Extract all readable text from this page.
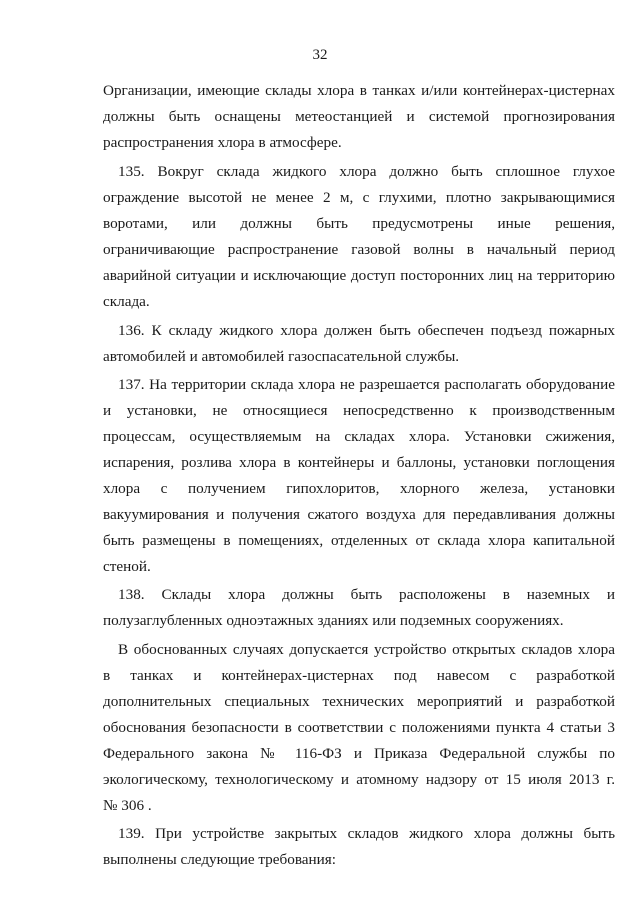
32
Организации, имеющие склады хлора в танках и/или контейнерах-цистернах
должны быть оснащены метеостанцией и системой прогнозирования
распространения хлора в атмосфере.
135. Вокруг склада жидкого хлора должно быть сплошное глухое
ограждение высотой не менее 2 м, с глухими, плотно закрывающимися
воротами, или должны быть предусмотрены иные решения,
ограничивающие распространение газовой волны в начальный период
аварийной ситуации и исключающие доступ посторонних лиц на территорию
склада.
136. К складу жидкого хлора должен быть обеспечен подъезд пожарных
автомобилей и автомобилей газоспасательной службы.
137. На территории склада хлора не разрешается располагать оборудование
и установки, не относящиеся непосредственно к производственным
процессам, осуществляемым на складах хлора. Установки сжижения,
испарения, розлива хлора в контейнеры и баллоны, установки поглощения
хлора с получением гипохлоритов, хлорного железа, установки
вакуумирования и получения сжатого воздуха для передавливания должны
быть размещены в помещениях, отделенных от склада хлора капитальной
стеной.
138. Склады хлора должны быть расположены в наземных и
полузаглубленных одноэтажных зданиях или подземных сооружениях.
В обоснованных случаях допускается устройство открытых складов хлора
в танках и контейнерах-цистернах под навесом с разработкой
дополнительных специальных технических мероприятий и разработкой
обоснования безопасности в соответствии с положениями пункта 4 статьи 3
Федерального закона № 116-ФЗ и Приказа Федеральной службы по
экологическому, технологическому и атомному надзору от 15 июля 2013 г.
№ 306 .
139. При устройстве закрытых складов жидкого хлора должны быть
выполнены следующие требования:
